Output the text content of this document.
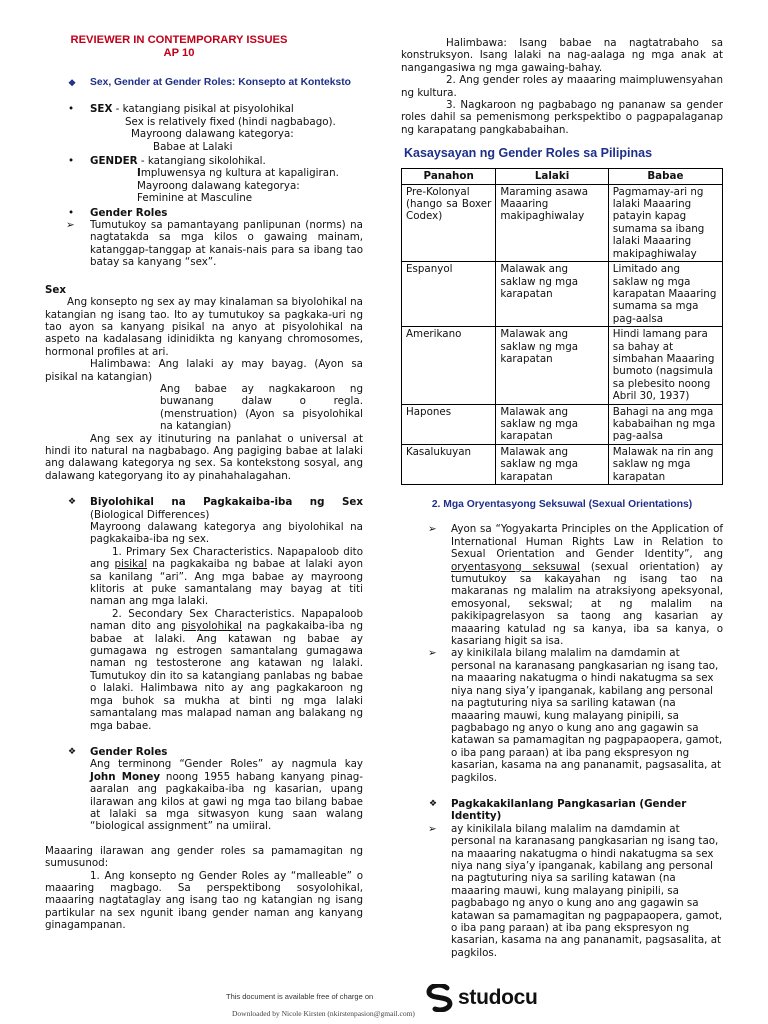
REVIEWER IN CONTEMPORARY ISSUES
AP 10

❖ Sex, Gender at Gender Roles: Konsepto at Konteksto
• SEX - katangiang pisikal at pisyolohikal

Sex is relatively fixed (hindi nagbabago).

Mayroong dalawang kategorya:

Babae at Lalaki

• GENDER - katangiang sikolohikal.

Impluwensya ng kultura at kapaligiran.

Mayroong dalawang kategorya:

Feminine at Masculine

• Gender Roles
➢ Tumutukoy sa pamantayang panlipunan (norms) na nagtatakda sa mga kilos o gawaing mainam, katanggap-tanggap at kanais-nais para sa ibang tao batay sa kanyang “sex”.

Sex

Ang konsepto ng sex ay may kinalaman sa biyolohikal na katangian ng isang tao. Ito ay tumutukoy sa pagkaka-uri ng tao ayon sa kanyang pisikal na anyo at pisyolohikal na aspeto na kadalasang idinidikta ng kanyang chromosomes, hormonal profiles at ari.

Halimbawa: Ang lalaki ay may bayag. (Ayon sa pisikal na katangian)

Ang babae ay nagkakaroon ng buwanang dalaw o regla. (menstruation) (Ayon sa pisyolohikal na katangian)

Ang sex ay itinuturing na panlahat o universal at hindi ito natural na nagbabago. Ang pagiging babae at lalaki ang dalawang kategorya ng sex. Sa kontekstong sosyal, ang dalawang kategoryang ito ay pinahahalagahan.

❖ Biyolohikal na Pagkakaiba-iba ng Sex (Biological Differences)

Mayroong dalawang kategorya ang biyolohikal na pagkakaiba-iba ng sex.

1. Primary Sex Characteristics. Napapaloob dito ang pisikal na pagkakaiba ng babae at lalaki ayon sa kanilang “ari”. Ang mga babae ay mayroong klitoris at puke samantalang may bayag at titi naman ang mga lalaki.

2. Secondary Sex Characteristics. Napapaloob naman dito ang pisyolohikal na pagkakaiba-iba ng babae at lalaki. Ang katawan ng babae ay gumagawa ng estrogen samantalang gumagawa naman ng testosterone ang katawan ng lalaki. Tumutukoy din ito sa katangiang panlabas ng babae o lalaki. Halimbawa nito ay ang pagkakaroon ng mga buhok sa mukha at binti ng mga lalaki samantalang mas malapad naman ang balakang ng mga babae.

❖ Gender Roles

Ang terminong “Gender Roles” ay nagmula kay John Money noong 1955 habang kanyang pinag- aaralan ang pagkakaiba-iba ng kasarian, upang ilarawan ang kilos at gawi ng mga tao bilang babae at lalaki sa mga sitwasyon kung saan walang “biological assignment” na umiiral.

Maaaring ilarawan ang gender roles sa pamamagitan ng sumusunod:

1. Ang konsepto ng Gender Roles ay “malleable” o maaaring magbago. Sa perspektibong sosyolohikal, maaaring nagtataglay ang isang tao ng katangian ng isang partikular na sex ngunit ibang gender naman ang kanyang ginagampanan.

Halimbawa: Isang babae na nagtatrabaho sa konstruksyon. Isang lalaki na nag-aalaga ng mga anak at nangangasiwa ng mga gawaing-bahay.

2. Ang gender roles ay maaaring maimpluwensyahan ng kultura.

3. Nagkaroon ng pagbabago ng pananaw sa gender roles dahil sa pemenismong perkspektibo o pagpapalaganap ng karapatang pangkababaihan.

Kasaysayan ng Gender Roles sa Pilipinas

Panahon	Lalaki	Babae
Pre-Kolonyal (hango sa Boxer Codex)	Maraming asawa Maaaring makipaghiwalay	Pagmamay-ari ng lalaki Maaaring patayin kapag sumama sa ibang lalaki Maaaring makipaghiwalay
Espanyol	Malawak ang saklaw ng mga karapatan	Limitado ang saklaw ng mga karapatan Maaaring sumama sa mga pag-aalsa
Amerikano	Malawak ang saklaw ng mga karapatan	Hindi lamang para sa bahay at simbahan Maaaring bumoto (nagsimula sa plebesito noong Abril 30, 1937)
Hapones	Malawak ang saklaw ng mga karapatan	Bahagi na ang mga kababaihan ng mga pag-aalsa
Kasalukuyan	Malawak ang saklaw ng mga karapatan	Malawak na rin ang saklaw ng mga karapatan

2. Mga Oryentasyong Seksuwal (Sexual Orientations)

➢ Ayon sa “Yogyakarta Principles on the Application of International Human Rights Law in Relation to Sexual Orientation and Gender Identity”, ang oryentasyong seksuwal (sexual orientation) ay tumutukoy sa kakayahan ng isang tao na makaranas ng malalim na atraksiyong apeksyonal, emosyonal, sekswal; at ng malalim na pakikipagrelasyon sa taong ang kasarian ay maaaring katulad ng sa kanya, iba sa kanya, o kasariang higit sa isa.
➢ ay kinikilala bilang malalim na damdamin at personal na karanasang pangkasarian ng isang tao, na maaaring nakatugma o hindi nakatugma sa sex niya nang siya’y ipanganak, kabilang ang personal na pagtuturing niya sa sariling katawan (na maaaring mauwi, kung malayang pinipili, sa pagbabago ng anyo o kung ano ang gagawin sa katawan sa pamamagitan ng pagpapaopera, gamot, o iba pang paraan) at iba pang ekspresyon ng kasarian, kasama na ang pananamit, pagsasalita, at pagkilos.
❖ Pagkakakilanlang Pangkasarian (Gender Identity)
➢ ay kinikilala bilang malalim na damdamin at personal na karanasang pangkasarian ng isang tao, na maaaring nakatugma o hindi nakatugma sa sex niya nang siya’y ipanganak, kabilang ang personal na pagtuturing niya sa sariling katawan (na maaaring mauwi, kung malayang pinipili, sa pagbabago ng anyo o kung ano ang gagawin sa katawan sa pamamagitan ng pagpapaopera, gamot, o iba pang paraan) at iba pang ekspresyon ng kasarian, kasama na ang pananamit, pagsasalita, at pagkilos.
This document is available free of charge on	studocu
Downloaded by Nicole Kirsten (nkirstenpasion@gmail.com)
